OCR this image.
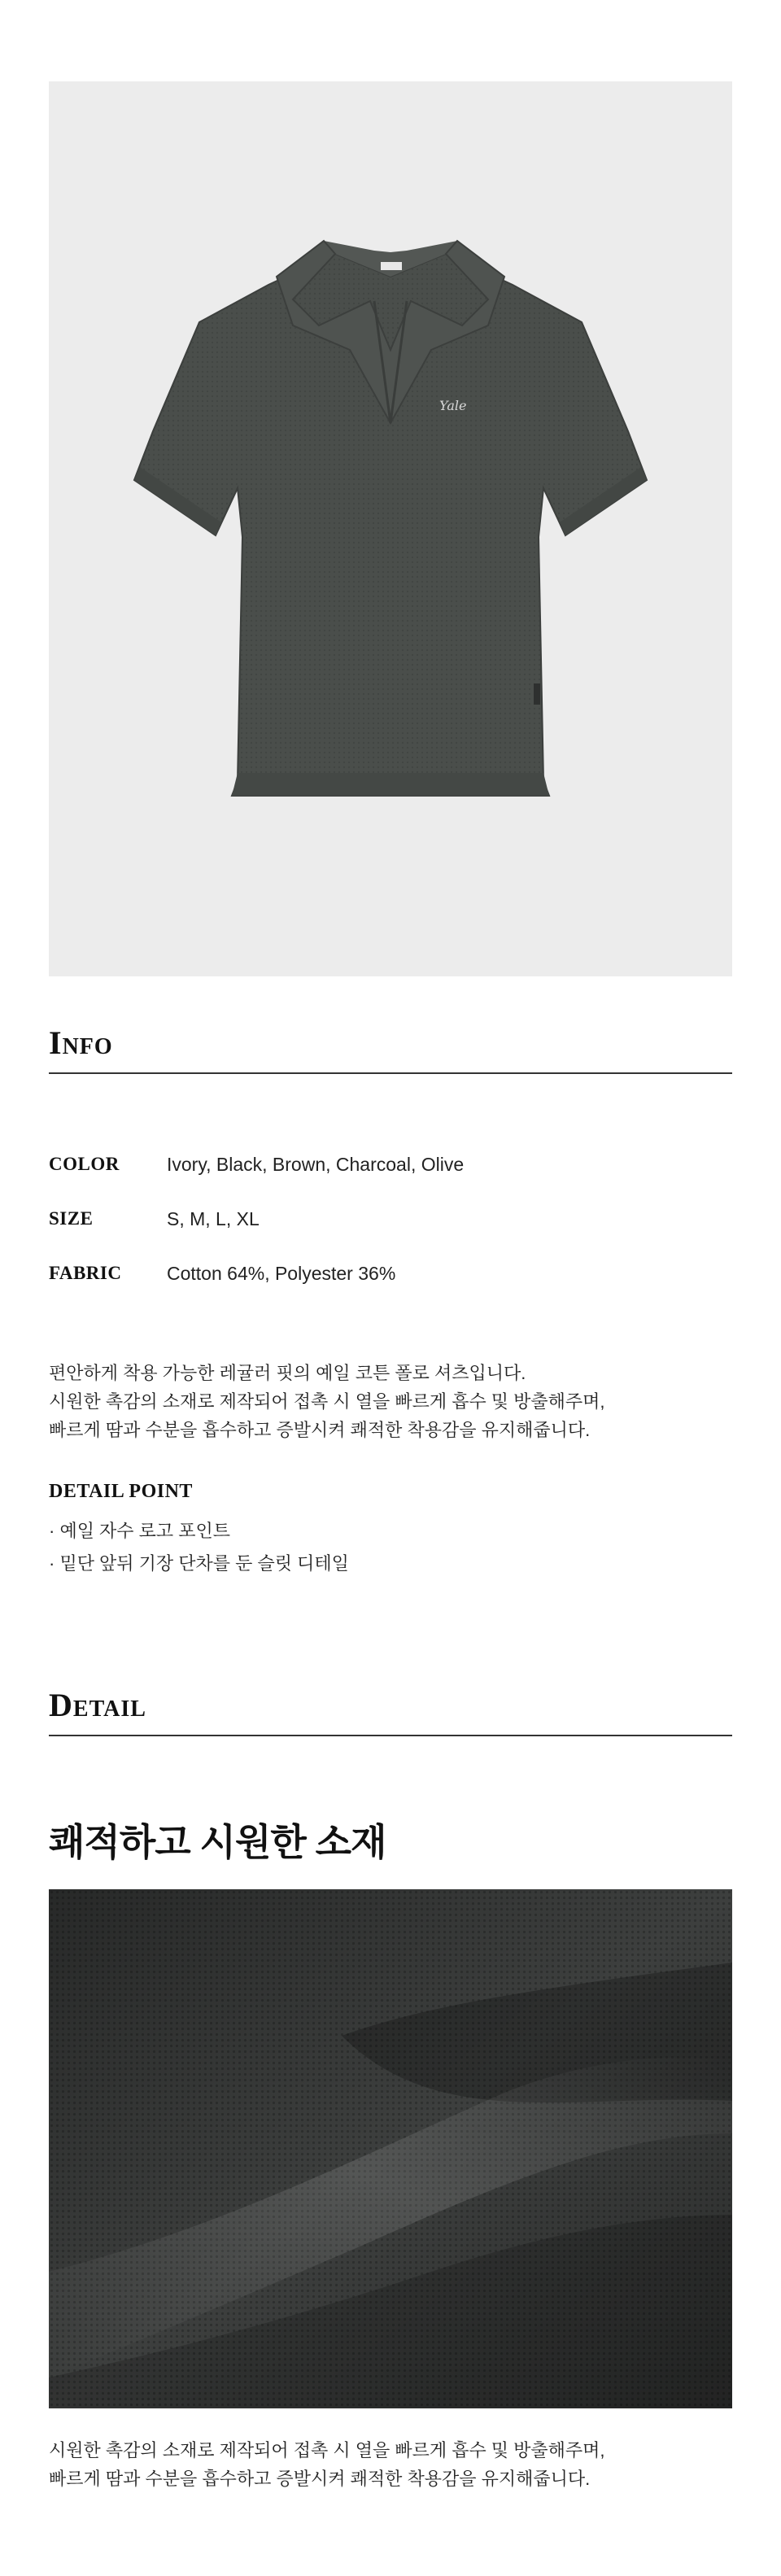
Yale
Info
COLOR	Ivory, Black, Brown, Charcoal, Olive
SIZE	S, M, L, XL
FABRIC Cotton 64%, Polyester 36%
편안하게 착용 가능한 레귤러 핏의 예일 코튼 폴로 셔츠입니다.
시원한 촉감의 소재로 제작되어 접촉 시 열을 빠르게 흡수 및 방출해주며,
빠르게 땀과 수분을 흡수하고 증발시켜 쾌적한 착용감을 유지해줍니다.
DETAIL POINT
· 예일 자수 로고 포인트
· 밑단 앞뒤 기장 단차를 둔 슬릿 디테일
Detail
쾌적하고 시원한 소재
시원한 촉감의 소재로 제작되어 접촉 시 열을 빠르게 흡수 및 방출해주며,
빠르게 땀과 수분을 흡수하고 증발시켜 쾌적한 착용감을 유지해줍니다.
